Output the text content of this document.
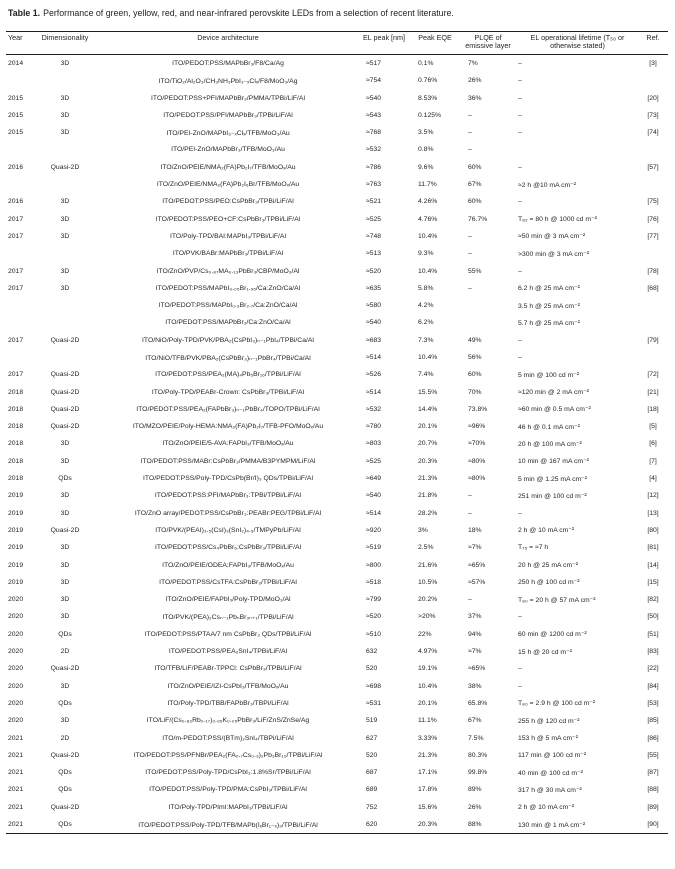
Table 1. Performance of green, yellow, red, and near-infrared perovskite LEDs from a selection of recent literature.
Year	Dimensionality	Device architecture	EL peak [nm]	Peak EQE	PLQE of emissive layer	EL operational lifetime (T₅₀ or otherwise stated)	Ref.
2014	3D	ITO/PEDOT:PSS/MAPbBr₃/F8/Ca/Ag	≈517	0.1%	7%	–	[3]
		ITO/TiO₂/Al₂O₃/CH₃NH₃PbI₃₋ₓClₓ/F8/MoO₃/Ag	≈754	0.76%	26%	–	
2015	3D	ITO/PEDOT:PSS+PFI/MAPbBr₃/PMMA/TPBi/LiF/Al	≈540	8.53%	36%	–	[20]
2015	3D	ITO/PEDOT:PSS/PFI/MAPbBr₃/TPBi/LiF/Al	≈543	0.125%	–	–	[73]
2015	3D	ITO/PEI-ZnO/MAPbI₃₋ₓClₓ/TFB/MoO₃/Au	≈768	3.5%	–	–	[74]
		ITO/PEI-ZnO/MAPbBr₃/TFB/MoO₃/Au	≈532	0.8%	–		
2016	Quasi-2D	ITO/ZnO/PEIE/NMA₂(FA)Pb₂I₇/TFB/MoOₓ/Au	≈786	9.6%	60%	–	[57]
		ITO/ZnO/PEIE/NMA₂(FA)Pb₂I₆Br/TFB/MoOₓ/Au	≈763	11.7%	67%	≈2 h @10 mA cm⁻²	
2016	3D	ITO/PEDOT:PSS/PEO:CsPbBr₃/TPBi/LiF/Al	≈521	4.26%	60%	–	[75]
2017	3D	ITO/PEDOT:PSS/PEO+CF:CsPbBr₃/TPBi/LiF/Al	≈525	4.76%	76.7%	T₈₂ = 80 h @ 1000 cd m⁻²	[76]
2017	3D	ITO/Poly-TPD/BAI:MAPbI₃/TPBi/LiF/Al	≈748	10.4%	–	≈50 min @ 3 mA cm⁻²	[77]
		ITO/PVK/BABr:MAPbBr₃/TPBi/LiF/Al	≈513	9.3%	–	>300 min @ 3 mA cm⁻²	
2017	3D	ITO/ZnO/PVP/Cs₀.₈₇MA₀.₁₃PbBr₃/CBP/MoO₃/Al	≈520	10.4%	55%	–	[78]
2017	3D	ITO/PEDOT:PSS/MAPbI₀.₀₅Br₁.₉₅/Ca:ZnO/Ca/Al	≈635	5.8%	–	6.2 h @ 25 mA cm⁻²	[68]
		ITO/PEDOT:PSS/MAPbI₀.₃Br₂.₇/Ca:ZnO/Ca/Al	≈580	4.2%		3.5 h @ 25 mA cm⁻²	
		ITO/PEDOT:PSS/MAPbBr₃/Ca:ZnO/Ca/Al	≈540	6.2%		5.7 h @ 25 mA cm⁻²	
2017	Quasi-2D	ITO/NiO/Poly-TPD/PVK/PBA₂(CsPbI₃)ₙ₋₁PbI₄/TPBi/Ca/Al	≈683	7.3%	49%	–	[79]
		ITO/NiO/TFB/PVK/PBA₂(CsPbBr₃)ₙ₋₁PbBr₄/TPBi/Ca/Al	≈514	10.4%	56%	–	
2017	Quasi-2D	ITO/PEDOT:PSS/PEA₂(MA)₄Pb₅Br₁₆/TPBi/LiF/Al	≈526	7.4%	60%	5 min @ 100 cd m⁻²	[72]
2018	Quasi-2D	ITO/Poly-TPD/PEABr-Crown: CsPbBr₃/TPBi/LiF/Al	≈514	15.5%	70%	≈120 min @ 2 mA cm⁻²	[21]
2018	Quasi-2D	ITO/PEDOT:PSS/PEA₂(FAPbBr₃)ₙ₋₁PbBr₄/TOPO/TPBi/LiF/Al	≈532	14.4%	73.8%	≈60 min @ 0.5 mA cm⁻²	[18]
2018	Quasi-2D	ITO/MZO/PEIE/Poly-HEMA:NMA₂(FA)Pb₂I₇/TFB-PFO/MoOₓ/Au	≈780	20.1%	≈96%	46 h @ 0.1 mA cm⁻²	[5]
2018	3D	ITO/ZnO/PEIE/5-AVA:FAPbI₃/TFB/MoOₓ/Au	≈803	20.7%	≈70%	20 h @ 100 mA cm⁻²	[6]
2018	3D	ITO/PEDOT:PSS/MABr:CsPbBr₃/PMMA/B3PYMPM/LiF/Al	≈525	20.3%	≈80%	10 min @ 167 mA cm⁻²	[7]
2018	QDs	ITO/PEDOT:PSS/Poly-TPD/CsPb(Br/I)₃ QDs/TPBi/LiF/Al	≈649	21.3%	≈80%	5 min @ 1.25 mA cm⁻²	[4]
2019	3D	ITO/PEDOT:PSS:PFI/MAPbBr₃:TPBi/TPBi/LiF/Al	≈540	21.8%	–	251 min @ 100 cd m⁻²	[12]
2019	3D	ITO/ZnO array/PEDOT:PSS/CsPbBr₃:PEABr:PEG/TPBi/LiF/Al	≈514	28.2%	–	–	[13]
2019	Quasi-2D	ITO/PVK/(PEAI)₃.₅(CsI)₃(SnI₂)₄.₅/TMPyPb/LiF/Al	≈920	3%	18%	2 h @ 10 mA cm⁻²	[80]
2019	3D	ITO/PEDOT:PSS/Cs₄PbBr₆:CsPbBr₃/TPBi/LiF/Al	≈519	2.5%	≈7%	T₇₅ = ≈7 h	[81]
2019	3D	ITO/ZnO/PEIE/ODEA:FAPbI₃/TFB/MoOₓ/Au	≈800	21.6%	≈65%	20 h @ 25 mA cm⁻²	[14]
2019	3D	ITO/PEDOT:PSS/CsTFA:CsPbBr₃/TPBi/LiF/Al	≈518	10.5%	≈57%	250 h @ 100 cd m⁻²	[15]
2020	3D	ITO/ZnO/PEIE/FAPbI₃/Poly-TPD/MoO₃/Al	≈799	20.2%	–	T₈₀ = 20 h @ 57 mA cm⁻²	[82]
2020	3D	ITO/PVK/(PEA)₂Csₙ₋₁PbₙBr₃ₙ₊₁/TPBi/LiF/Al	≈520	>20%	37%	–	[50]
2020	QDs	ITO/PEDOT:PSS/PTAA/7 nm CsPbBr₃ QDs/TPBi/LiF/Al	≈510	22%	94%	60 min @ 1200 cd m⁻²	[51]
2020	2D	ITO/PEDOT:PSS/PEA₂SnI₄/TPBi/LiF/Al	632	4.97%	≈7%	15 h @ 20 cd m⁻²	[83]
2020	Quasi-2D	ITO/TFB/LiF/PEABr-TPPCl: CsPbBr₃/TPBi/LiF/Al	520	19.1%	≈65%	–	[22]
2020	3D	ITO/ZnO/PEIE/IZI-CsPbI₃/TFB/MoOₓ/Au	≈698	10.4%	38%	–	[84]
2020	QDs	ITO/Poly-TPD/TBB/FAPbBr₃/TBPi/LiF/Al	≈531	20.1%	65.8%	T₈₀ = 2.9 h @ 100 cd m⁻²	[53]
2020	3D	ITO/LiF/(Cs₀.₈₃Rb₀.₁₇)₀.₉₅K₀.₀₅PbBr₃/LiF/ZnS/ZnSe/Ag	519	11.1%	67%	255 h @ 120 cd m⁻²	[85]
2021	2D	ITO/m-PEDOT:PSS/(BTm)₂SnI₄/TBPi/LiF/Al	627	3.33%	7.5%	153 h @ 5 mA cm⁻²	[86]
2021	Quasi-2D	ITO/PEDOT:PSS/PFNBr/PEA₂(FA₀.₇Cs₀.₃)₂Pb₃Br₁₀/TPBi/LiF/Al	520	21.3%	80.3%	117 min @ 100 cd m⁻²	[55]
2021	QDs	ITO/PEDOT:PSS/Poly-TPD/CsPbI₃:1.8%Sr/TPBi/LiF/Al	687	17.1%	99.8%	40 min @ 100 cd m⁻²	[87]
2021	QDs	ITO/PEDOT:PSS/Poly-TPD/PMA:CsPbI₃/TPBi/LiF/Al	689	17.8%	89%	317 h @ 30 mA cm⁻²	[88]
2021	Quasi-2D	ITO/Poly-TPD/PImI:MAPbI₃/TPBi/LiF/Al	752	15.6%	26%	2 h @ 10 mA cm⁻²	[89]
2021	QDs	ITO/PEDOT:PSS/Poly-TPD/TFB/MAPb(IₓBr₁₋ₓ)₃/TPBi/LiF/Al	620	20.3%	88%	130 min @ 1 mA cm⁻²	[90]
